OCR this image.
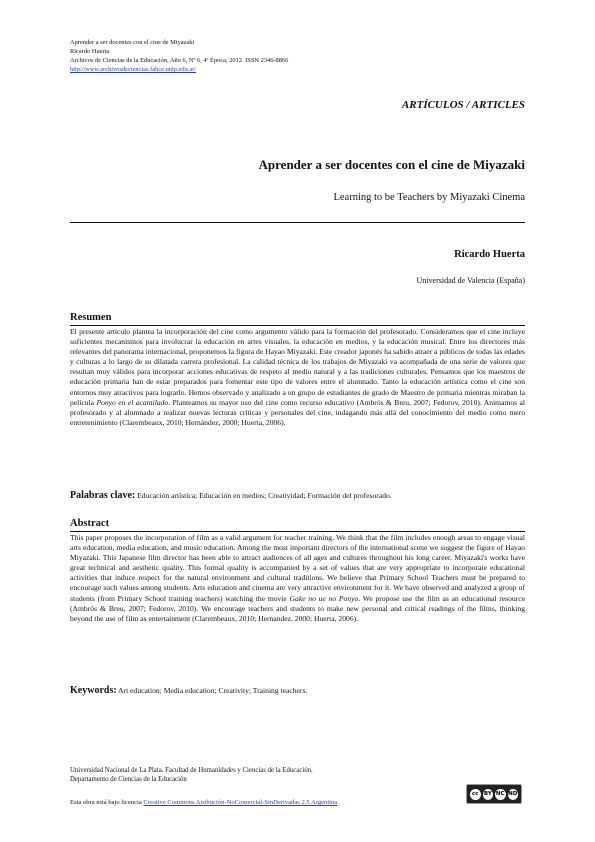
Aprender a ser docentes con el cine de Miyazaki
Ricardo Huerta
Archivos de Ciencias de la Educación, Año 6, Nº 6, 4ª Época, 2012. ISSN 2346-8866
http://www.archivosdeciencias.fahce.unlp.edu.ar/
ARTÍCULOS / ARTICLES
Aprender a ser docentes con el cine de Miyazaki
Learning to be Teachers by Miyazaki Cinema
Ricardo Huerta
Universidad de Valencia (España)
Resumen

El presente artículo plantea la incorporación del cine como argumento válido para la formación del profesorado. Consideramos que el cine incluye suficientes mecanismos para involucrar la educación en artes visuales, la educación en medios, y la educación musical. Entre los directores más relevantes del panorama internacional, proponemos la figura de Hayao Miyazaki. Este creador japonés ha sabido atraer a públicos de todas las edades y culturas a lo largo de su dilatada carrera profesional. La calidad técnica de los trabajos de Miyazaki va acompañada de una serie de valores que resultan muy válidos para incorporar acciones educativas de respeto al medio natural y a las tradiciones culturales. Pensamos que los maestros de educación primaria han de estar preparados para fomentar este tipo de valores entre el alumnado. Tanto la educación artística como el cine son entornos muy atractivos para lograrlo. Hemos observado y analizado a un grupo de estudiantes de grado de Maestro de primaria mientras miraban la película Ponyo en el acantilado. Planteamos su mayor uso del cine como recurso educativo (Ambrós & Breu, 2007; Fedorov, 2010). Animamos al profesorado y al alumnado a realizar nuevas lecturas críticas y personales del cine, indagando más allá del conocimiento del medio como mero entretenimiento (Clarembeaux, 2010; Hernández, 2000; Huerta, 2006).

Palabras clave: Educación artística; Educación en medios; Creatividad; Formación del profesorado.
Abstract

This paper proposes the incorporation of film as a valid argument for teacher training. We think that the film includes enough areas to engage visual arts education, media education, and music education. Among the most important directors of the international scene we suggest the figure of Hayao Miyazaki. This Japanese film director has been able to attract audiences of all ages and cultures throughout his long career. Miyazaki's works have great technical and aesthetic quality. This formal quality is accompanied by a set of values that are very appropriate to incorporate educational activities that induce respect for the natural environment and cultural traditions. We believe that Primary School Teachers must be prepared to encourage such values among students. Arts education and cinema are very attractive environment for it. We have observed and analyzed a group of students (from Primary School training teachers) watching the movie Gake no ue no Ponyo. We propose use the film as an educational resource (Ambrós & Breu, 2007; Fedorov, 2010). We encourage teachers and students to make new personal and critical readings of the films, thinking beyond the use of film as entertainment (Clarembeaux, 2010; Hernandez, 2000; Huerta, 2006).

Keywords: Art education; Media education; Creativity; Training teachers.
Universidad Nacional de La Plata. Facultad de Humanidades y Ciencias de la Educación.
Departamento de Ciencias de la Educación
Esta obra está bajo licencia Creative Commons Atribución-NoComercial-SinDerivadas 2.5 Argentina
cc BY NC ND
